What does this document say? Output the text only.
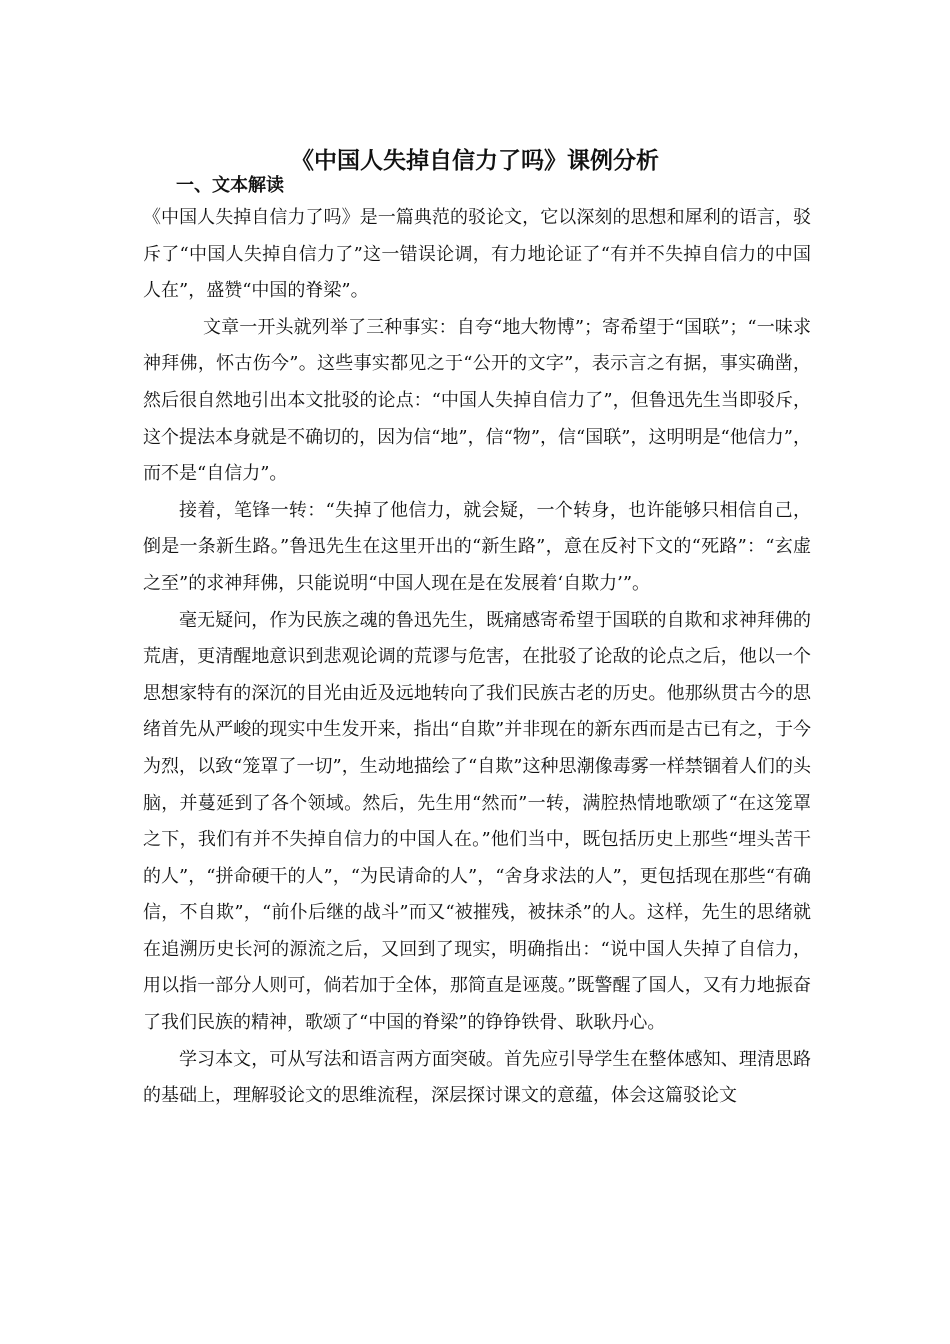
《中国人失掉自信力了吗》课例分析
一、文本解读

《中国人失掉自信力了吗》是一篇典范的驳论文，它以深刻的思想和犀利的语言，驳斥了“中国人失掉自信力了”这一错误论调，有力地论证了“有并不失掉自信力的中国人在”，盛赞“中国的脊梁”。

文章一开头就列举了三种事实：自夸“地大物博”；寄希望于“国联”；“一味求神拜佛，怀古伤今”。这些事实都见之于“公开的文字”，表示言之有据，事实确凿，然后很自然地引出本文批驳的论点：“中国人失掉自信力了”，但鲁迅先生当即驳斥，这个提法本身就是不确切的，因为信“地”，信“物”，信“国联”，这明明是“他信力”，而不是“自信力”。

接着，笔锋一转：“失掉了他信力，就会疑，一个转身，也许能够只相信自己，倒是一条新生路。”鲁迅先生在这里开出的“新生路”，意在反衬下文的“死路”：“玄虚之至”的求神拜佛，只能说明“中国人现在是在发展着‘自欺力’”。

毫无疑问，作为民族之魂的鲁迅先生，既痛感寄希望于国联的自欺和求神拜佛的荒唐，更清醒地意识到悲观论调的荒谬与危害，在批驳了论敌的论点之后，他以一个思想家特有的深沉的目光由近及远地转向了我们民族古老的历史。他那纵贯古今的思绪首先从严峻的现实中生发开来，指出“自欺”并非现在的新东西而是古已有之，于今为烈，以致“笼罩了一切”，生动地描绘了“自欺”这种思潮像毒雾一样禁锢着人们的头脑，并蔓延到了各个领域。然后，先生用“然而”一转，满腔热情地歌颂了“在这笼罩之下，我们有并不失掉自信力的中国人在。”他们当中，既包括历史上那些“埋头苦干的人”，“拼命硬干的人”，“为民请命的人”，“舍身求法的人”，更包括现在那些“有确信，不自欺”，“前仆后继的战斗”而又“被摧残，被抹杀”的人。这样，先生的思绪就在追溯历史长河的源流之后，又回到了现实，明确指出：“说中国人失掉了自信力，用以指一部分人则可，倘若加于全体，那简直是诬蔑。”既警醒了国人，又有力地振奋了我们民族的精神，歌颂了“中国的脊梁”的铮铮铁骨、耿耿丹心。

学习本文，可从写法和语言两方面突破。首先应引导学生在整体感知、理清思路的基础上，理解驳论文的思维流程，深层探讨课文的意蕴，体会这篇驳论文
